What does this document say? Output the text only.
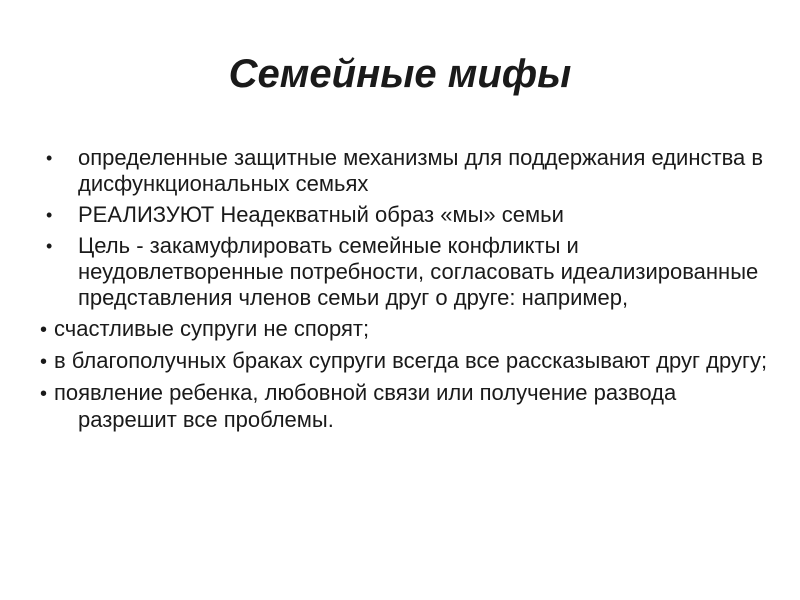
Семейные мифы
• определенные защитные механизмы для поддержания единства в дисфункциональных семьях
• РЕАЛИЗУЮТ Неадекватный образ «мы» семьи
• Цель - закамуфлировать семейные конфликты и неудовлетворенные потребности, согласовать идеализированные представления членов семьи друг о друге: например,
• счастливые супруги не спорят;
• в благополучных браках супруги всегда все рассказывают друг другу;
• появление ребенка, любовной связи или получение развода разрешит все проблемы.
